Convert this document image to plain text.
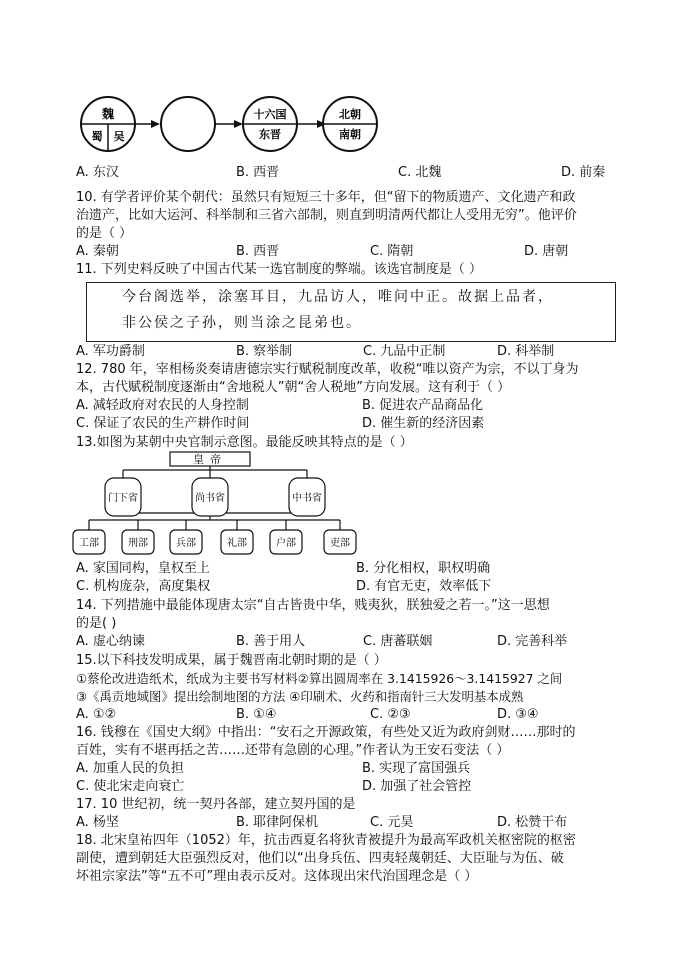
魏
蜀 吴
十六国
东晋
北朝
南朝
A. 东汉	B. 西晋	C. 北魏	D. 前秦
10. 有学者评价某个朝代：虽然只有短短三十多年，但“留下的物质遗产、文化遗产和政
治遗产，比如大运河、科举制和三省六部制，则直到明清两代都让人受用无穷”。他评价
的是（ ）
A. 秦朝	B. 西晋	C. 隋朝	D. 唐朝
11. 下列史料反映了中国古代某一选官制度的弊端。该选官制度是（ ）
今台阁选举，涂塞耳目，九品访人，唯问中正。故据上品者，
非公侯之子孙，则当涂之昆弟也。
A. 军功爵制	B. 察举制	C. 九品中正制	D. 科举制
12. 780 年，宰相杨炎奏请唐德宗实行赋税制度改革，收税“唯以资产为宗，不以丁身为
本，古代赋税制度逐渐由“舍地税人”朝“舍人税地”方向发展。这有利于（ ）
A. 减轻政府对农民的人身控制	B. 促进农产品商品化
C. 保证了农民的生产耕作时间	D. 催生新的经济因素
13.如图为某朝中央官制示意图。最能反映其特点的是（ ）
皇帝
门下省	尚书省	中书省
工部	刑部	兵部	礼部	户部	吏部
A. 家国同构，皇权至上	B. 分化相权，职权明确
C. 机构庞杂，高度集权	D. 有官无吏，效率低下
14. 下列措施中最能体现唐太宗“自古皆贵中华，贱夷狄，朕独爱之若一。”这一思想
的是( )
A. 虚心纳谏	B. 善于用人	C. 唐蕃联姻	D. 完善科举
15.以下科技发明成果，属于魏晋南北朝时期的是（ ）
①蔡伦改进造纸术，纸成为主要书写材料②算出圆周率在 3.1415926～3.1415927 之间
③《禹贡地域图》提出绘制地图的方法 ④印刷术、火药和指南针三大发明基本成熟
A. ①②	B. ①④	C. ②③	D. ③④
16. 钱穆在《国史大纲》中指出：“安石之开源政策，有些处又近为政府剑财……那时的
百姓，实有不堪再括之苦……还带有急剧的心理。”作者认为王安石变法（ ）
A. 加重人民的负担	B. 实现了富国强兵
C. 使北宋走向衰亡	D. 加强了社会管控
17. 10 世纪初，统一契丹各部，建立契丹国的是
A. 杨坚	B. 耶律阿保机	C. 元昊	D. 松赞干布
18. 北宋皇祐四年（1052）年，抗击西夏名将狄青被提升为最高军政机关枢密院的枢密
副使，遭到朝廷大臣强烈反对，他们以“出身兵伍、四夷轻蔑朝廷、大臣耻与为伍、破
坏祖宗家法”等“五不可”理由表示反对。这体现出宋代治国理念是（ ）
